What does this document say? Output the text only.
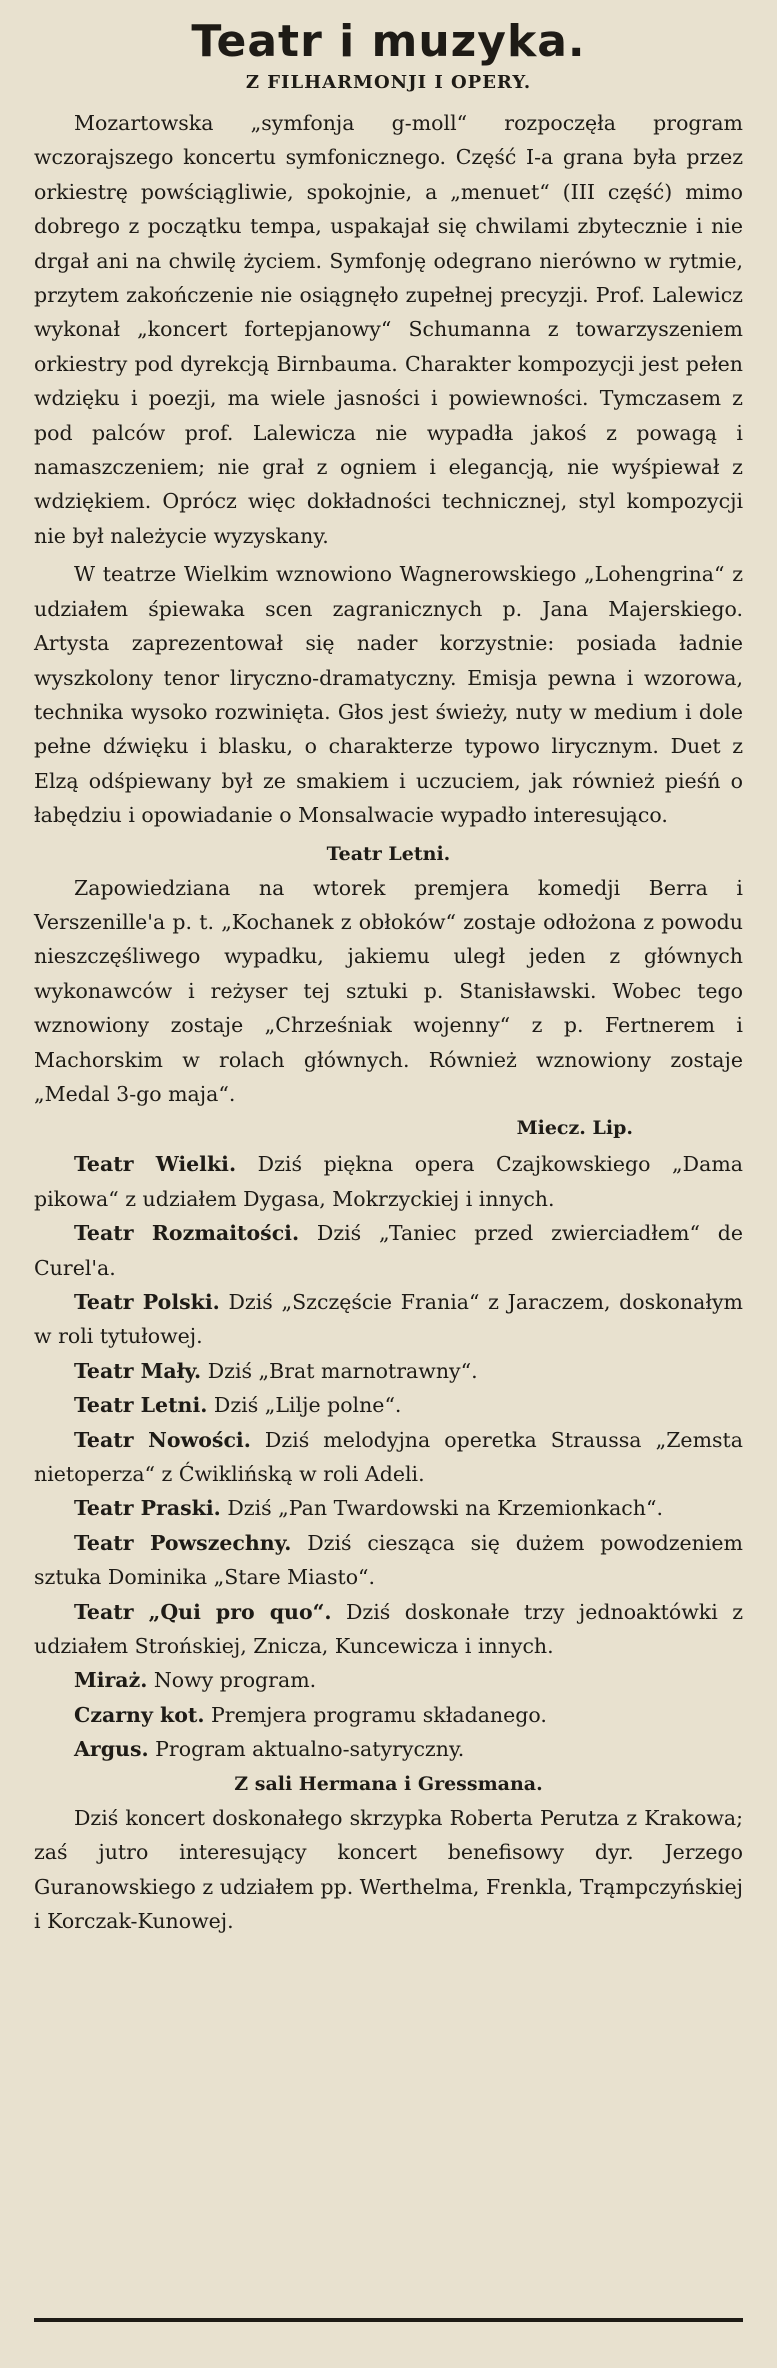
Teatr i muzyka.
Z FILHARMONJI I OPERY.

Mozartowska „symfonja g-moll“ rozpoczęła program wczorajszego koncertu symfonicznego. Część I-a grana była przez orkiestrę powściągliwie, spokojnie, a „menuet“ (III część) mimo dobrego z początku tempa, uspakajał się chwilami zbytecznie i nie drgał ani na chwilę życiem. Symfonję odegrano nierówno w rytmie, przytem zakończenie nie osiągnęło zupełnej precyzji. Prof. Lalewicz wykonał „koncert fortepjanowy“ Schumanna z towarzyszeniem orkiestry pod dyrekcją Birnbauma. Charakter kompozycji jest pełen wdzięku i poezji, ma wiele jasności i powiewności. Tymczasem z pod palców prof. Lalewicza nie wypadła jakoś z powagą i namaszczeniem; nie grał z ogniem i elegancją, nie wyśpiewał z wdziękiem. Oprócz więc dokładności technicznej, styl kompozycji nie był należycie wyzyskany.

W teatrze Wielkim wznowiono Wagnerowskiego „Lohengrina“ z udziałem śpiewaka scen zagranicznych p. Jana Majerskiego. Artysta zaprezentował się nader korzystnie: posiada ładnie wyszkolony tenor liryczno-dramatyczny. Emisja pewna i wzorowa, technika wysoko rozwinięta. Głos jest świeży, nuty w medium i dole pełne dźwięku i blasku, o charakterze typowo lirycznym. Duet z Elzą odśpiewany był ze smakiem i uczuciem, jak również pieśń o łabędziu i opowiadanie o Monsalwacie wypadło interesująco.

Teatr Letni.

Zapowiedziana na wtorek premjera komedji Berra i Verszenille'a p. t. „Kochanek z obłoków“ zostaje odłożona z powodu nieszczęśliwego wypadku, jakiemu uległ jeden z głównych wykonawców i reżyser tej sztuki p. Stanisławski. Wobec tego wznowiony zostaje „Chrześniak wojenny“ z p. Fertnerem i Machorskim w rolach głównych. Również wznowiony zostaje „Medal 3-go maja“.

Miecz. Lip.

Teatr Wielki. Dziś piękna opera Czajkowskiego „Dama pikowa“ z udziałem Dygasa, Mokrzyckiej i innych.

Teatr Rozmaitości. Dziś „Taniec przed zwierciadłem“ de Curel'a.

Teatr Polski. Dziś „Szczęście Frania“ z Jaraczem, doskonałym w roli tytułowej.

Teatr Mały. Dziś „Brat marnotrawny“.

Teatr Letni. Dziś „Lilje polne“.

Teatr Nowości. Dziś melodyjna operetka Straussa „Zemsta nietoperza“ z Ćwiklińską w roli Adeli.

Teatr Praski. Dziś „Pan Twardowski na Krzemionkach“.

Teatr Powszechny. Dziś ciesząca się dużem powodzeniem sztuka Dominika „Stare Miasto“.

Teatr „Qui pro quo“. Dziś doskonałe trzy jednoaktówki z udziałem Strońskiej, Znicza, Kuncewicza i innych.

Miraż. Nowy program.

Czarny kot. Premjera programu składanego.

Argus. Program aktualno-satyryczny.

Z sali Hermana i Gressmana.

Dziś koncert doskonałego skrzypka Roberta Perutza z Krakowa; zaś jutro interesujący koncert benefisowy dyr. Jerzego Guranowskiego z udziałem pp. Werthelma, Frenkla, Trąmpczyńskiej i Korczak-Kunowej.
